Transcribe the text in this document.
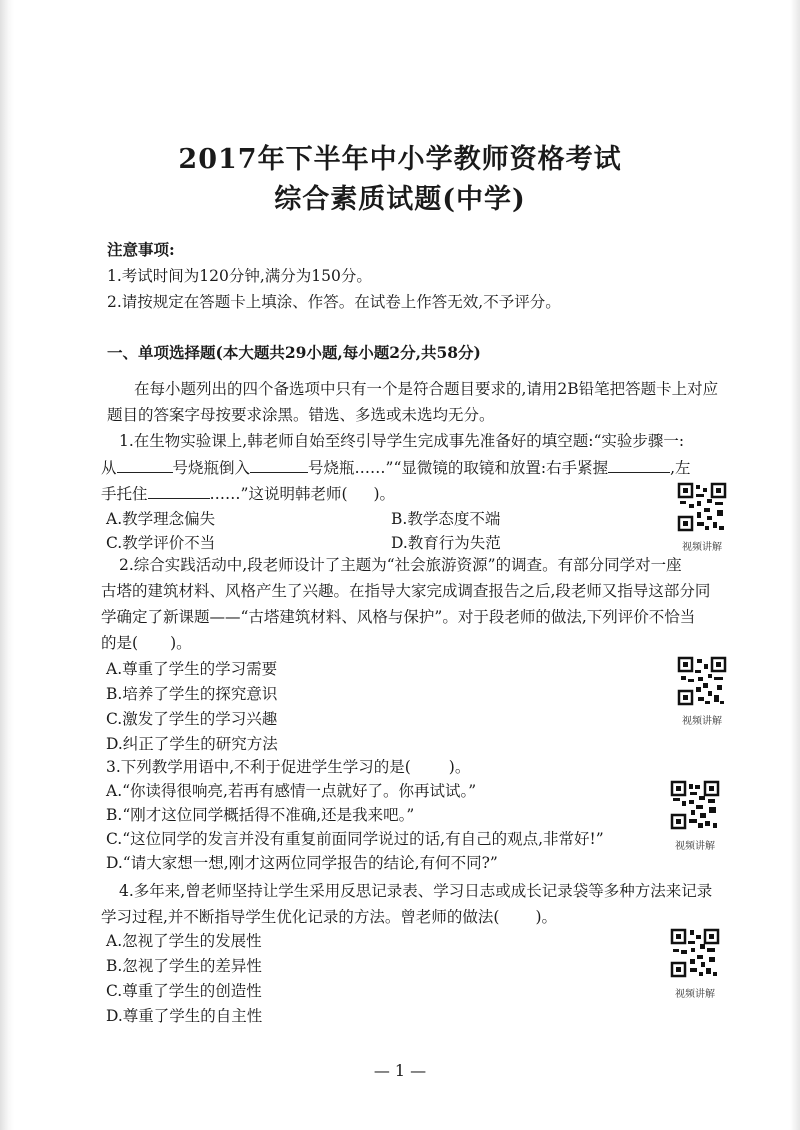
2017年下半年中小学教师资格考试
综合素质试题(中学)
注意事项:
1.考试时间为120分钟,满分为150分。
2.请按规定在答题卡上填涂、作答。在试卷上作答无效,不予评分。
一、单项选择题(本大题共29小题,每小题2分,共58分)
在每小题列出的四个备选项中只有一个是符合题目要求的,请用2B铅笔把答题卡上对应
题目的答案字母按要求涂黑。错选、多选或未选均无分。
1.在生物实验课上,韩老师自始至终引导学生完成事先准备好的填空题:“实验步骤一:
从	号烧瓶倒入	号烧瓶……”“显微镜的取镜和放置:右手紧握	,左
手托住	……”这说明韩老师( )。
A.教学理念偏失	B.教学态度不端
C.教学评价不当	D.教育行为失范
2.综合实践活动中,段老师设计了主题为“社会旅游资源”的调查。有部分同学对一座
古塔的建筑材料、风格产生了兴趣。在指导大家完成调查报告之后,段老师又指导这部分同
学确定了新课题——“古塔建筑材料、风格与保护”。对于段老师的做法,下列评价不恰当
的是( )。
A.尊重了学生的学习需要
B.培养了学生的探究意识
C.激发了学生的学习兴趣
D.纠正了学生的研究方法
3.下列教学用语中,不利于促进学生学习的是( )。
A.“你读得很响亮,若再有感情一点就好了。你再试试。”
B.“刚才这位同学概括得不准确,还是我来吧。”
C.“这位同学的发言并没有重复前面同学说过的话,有自己的观点,非常好!”
D.“请大家想一想,刚才这两位同学报告的结论,有何不同?”
4.多年来,曾老师坚持让学生采用反思记录表、学习日志或成长记录袋等多种方法来记录
学习过程,并不断指导学生优化记录的方法。曾老师的做法( )。
A.忽视了学生的发展性
B.忽视了学生的差异性
C.尊重了学生的创造性
D.尊重了学生的自主性
视频讲解
视频讲解
视频讲解
视频讲解
— 1 —
